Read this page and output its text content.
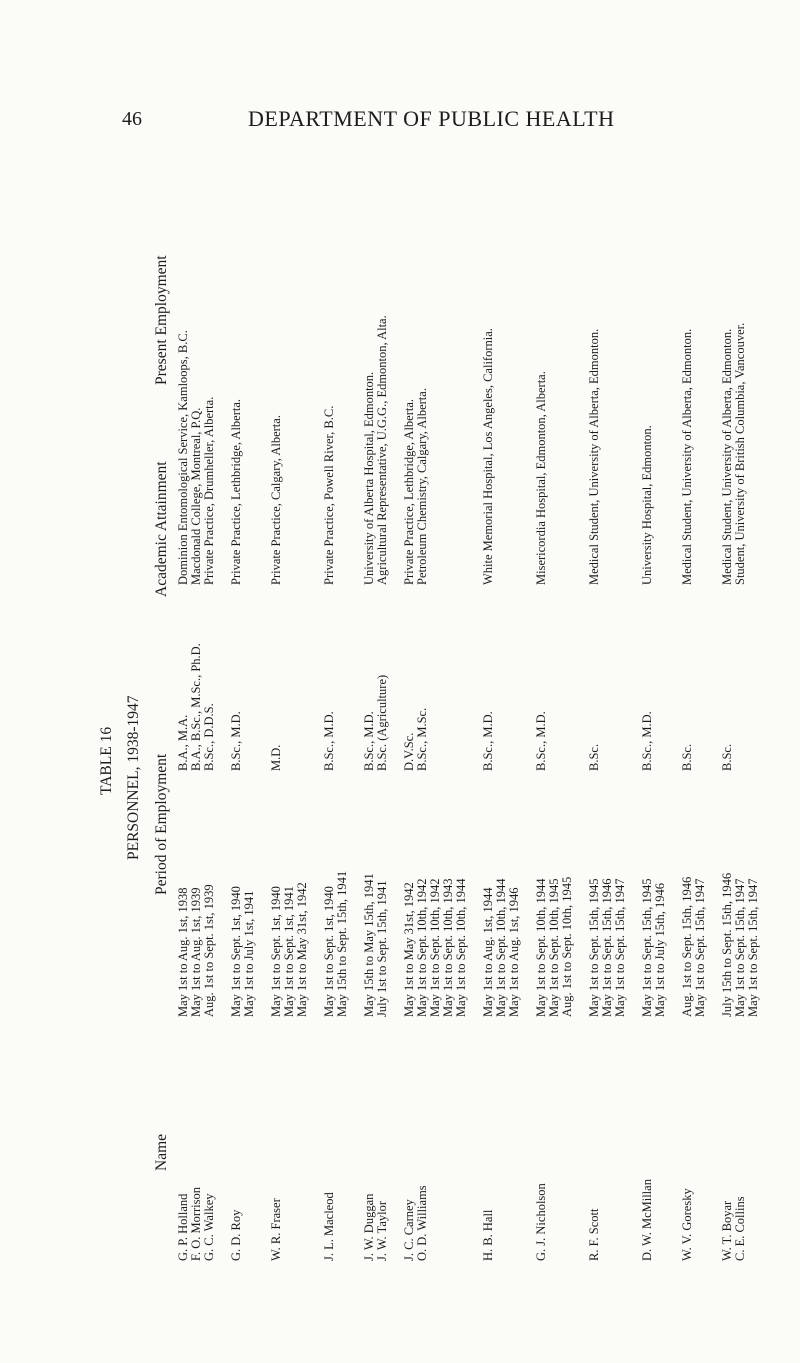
46	DEPARTMENT OF PUBLIC HEALTH
TABLE 16 PERSONNEL, 1938-1947
Name
Period of Employment
Academic Attainment
Present Employment
G. P. Holland F. O. Morrison G. C. Walkey
May 1st to Aug. 1st, 1938 May 1st to Aug. 1st, 1939 Aug. 1st to Sept. 1st, 1939
B.A., M.A. B.A., B.Sc., M.Sc., Ph.D. B.Sc., D.D.S.
Dominion Entomological Service, Kamloops, B.C. Macdonald College, Montreal, P.Q. Private Practice, Drumheller, Alberta.
G. D. Roy
May 1st to Sept. 1st, 1940 May 1st to July 1st, 1941
B.Sc., M.D.
Private Practice, Lethbridge, Alberta.
W. R. Fraser
May 1st to Sept. 1st, 1940 May 1st to Sept. 1st, 1941 May 1st to May 31st, 1942
M.D.
Private Practice, Calgary, Alberta.
J. L. Macleod
May 1st to Sept. 1st, 1940 May 15th to Sept. 15th, 1941
B.Sc., M.D.
Private Practice, Powell River, B.C.
J. W. Duggan J. W. Taylor
May 15th to May 15th, 1941 July 1st to Sept. 15th, 1941
B.Sc., M.D. B.Sc. (Agriculture)
University of Alberta Hospital, Edmonton. Agricultural Representative, U.G.G., Edmonton, Alta.
J. C. Carney O. D. Williams
May 1st to May 31st, 1942 May 1st to Sept. 10th, 1942 May 1st to Sept. 10th, 1942 May 1st to Sept. 10th, 1943 May 1st to Sept. 10th, 1944
D.V.Sc. B.Sc., M.Sc.
Private Practice, Lethbridge, Alberta. Petroleum Chemistry, Calgary, Alberta.
H. B. Hall
May 1st to Aug. 1st, 1944 May 1st to Sept. 10th, 1944 May 1st to Aug. 1st, 1946
B.Sc., M.D.
White Memorial Hospital, Los Angeles, California.
G. J. Nicholson
May 1st to Sept. 10th, 1944 May 1st to Sept. 10th, 1945 Aug. 1st to Sept. 10th, 1945
B.Sc., M.D.
Misericordia Hospital, Edmonton, Alberta.
R. F. Scott
May 1st to Sept. 15th, 1945 May 1st to Sept. 15th, 1946 May 1st to Sept. 15th, 1947
B.Sc.
Medical Student, University of Alberta, Edmonton.
D. W. McMillan
May 1st to Sept. 15th, 1945 May 1st to July 15th, 1946
B.Sc., M.D.
University Hospital, Edmonton.
W. V. Goresky
Aug. 1st to Sept. 15th, 1946 May 1st to Sept. 15th, 1947
B.Sc.
Medical Student, University of Alberta, Edmonton.
W. T. Boyar C. E. Collins
July 15th to Sept. 15th, 1946 May 1st to Sept. 15th, 1947 May 1st to Sept. 15th, 1947
B.Sc.
Medical Student, University of Alberta, Edmonton. Student, University of British Columbia, Vancouver.
